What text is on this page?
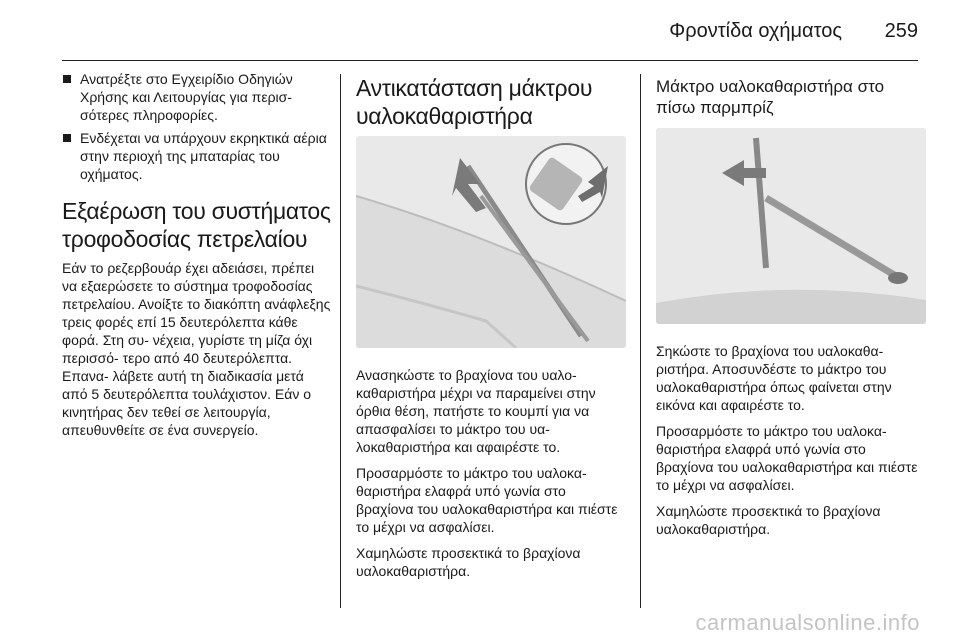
Φροντίδα οχήματος 259
Ανατρέξτε στο Εγχειρίδιο Οδηγιών Χρήσης και Λειτουργίας για περισ‑ σότερες πληροφορίες.
Ενδέχεται να υπάρχουν εκρηκτικά αέρια στην περιοχή της μπαταρίας του οχήματος.
Εξαέρωση του συστήματος τροφοδοσίας πετρελαίου

Εάν το ρεζερβουάρ έχει αδειάσει, πρέπει να εξαερώσετε το σύστημα τροφοδοσίας πετρελαίου. Ανοίξτε το διακόπτη ανάφλεξης τρεις φορές επί 15 δευτερόλεπτα κάθε φορά. Στη συ‑ νέχεια, γυρίστε τη μίζα όχι περισσό‑ τερο από 40 δευτερόλεπτα. Επανα‑ λάβετε αυτή τη διαδικασία μετά από 5 δευτερόλεπτα τουλάχιστον. Εάν ο κινητήρας δεν τεθεί σε λειτουργία, απευθυνθείτε σε ένα συνεργείο.

Αντικατάσταση μάκτρου υαλοκαθαριστήρα

Ανασηκώστε το βραχίονα του υαλο‑ καθαριστήρα μέχρι να παραμείνει στην όρθια θέση, πατήστε το κουμπί για να απασφαλίσει το μάκτρο του υα‑ λοκαθαριστήρα και αφαιρέστε το.

Προσαρμόστε το μάκτρο του υαλοκα‑ θαριστήρα ελαφρά υπό γωνία στο βραχίονα του υαλοκαθαριστήρα και πιέστε το μέχρι να ασφαλίσει.

Χαμηλώστε προσεκτικά το βραχίονα υαλοκαθαριστήρα.

Μάκτρο υαλοκαθαριστήρα στο πίσω παρμπρίζ

Σηκώστε το βραχίονα του υαλοκαθα‑ ριστήρα. Αποσυνδέστε το μάκτρο του υαλοκαθαριστήρα όπως φαίνεται στην εικόνα και αφαιρέστε το.

Προσαρμόστε το μάκτρο του υαλοκα‑ θαριστήρα ελαφρά υπό γωνία στο βραχίονα του υαλοκαθαριστήρα και πιέστε το μέχρι να ασφαλίσει.

Χαμηλώστε προσεκτικά το βραχίονα υαλοκαθαριστήρα.

carmanualsonline.info
